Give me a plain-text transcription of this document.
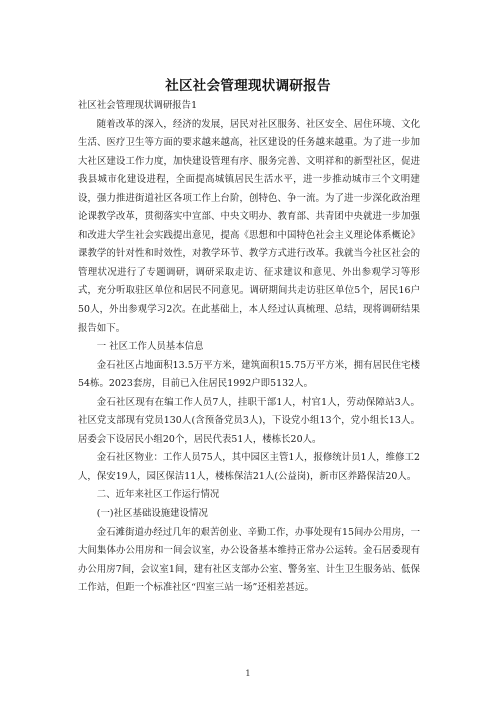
社区社会管理现状调研报告

社区社会管理现状调研报告1

随着改革的深入，经济的发展，居民对社区服务、社区安全、居住环境、文化生活、医疗卫生等方面的要求越来越高，社区建设的任务越来越重。为了进一步加大社区建设工作力度，加快建设管理有序、服务完善、文明祥和的新型社区，促进我县城市化建设进程，全面提高城镇居民生活水平，进一步推动城市三个文明建设，强力推进街道社区各项工作上台阶，创特色、争一流。为了进一步深化政治理论课教学改革，贯彻落实中宣部、中央文明办、教育部、共青团中央就进一步加强和改进大学生社会实践提出意见，提高《思想和中国特色社会主义理论体系概论》课教学的针对性和时效性，对教学环节、教学方式进行改革。我就当今社区社会的管理状况进行了专题调研，调研采取走访、征求建议和意见、外出参观学习等形式，充分听取驻区单位和居民不同意见。调研期间共走访驻区单位5个，居民16户50人，外出参观学习2次。在此基础上，本人经过认真梳理、总结，现将调研结果报告如下。

一 社区工作人员基本信息

金石社区占地面积13.5万平方米，建筑面积15.75万平方米，拥有居民住宅楼54栋。2023套房，目前已入住居民1992户即5132人。

金石社区现有在编工作人员7人，挂职干部1人，村官1人，劳动保障站3人。社区党支部现有党员130人(含预备党员3人)，下设党小组13个，党小组长13人。居委会下设居民小组20个，居民代表51人，楼栋长20人。

金石社区物业：工作人员75人，其中园区主管1人，报修统计员1人，维修工2人，保安19人，园区保洁11人，楼栋保洁21人(公益岗)，新市区养路保洁20人。

二、近年来社区工作运行情况

(一)社区基础设施建设情况

金石滩街道办经过几年的艰苦创业、辛勤工作，办事处现有15间办公用房，一大间集体办公用房和一间会议室，办公设备基本维持正常办公运转。金石居委现有办公用房7间，会议室1间，建有社区支部办公室、警务室、计生卫生服务站、低保工作站，但距一个标准社区“四室三站一场”还相差甚远。

1
